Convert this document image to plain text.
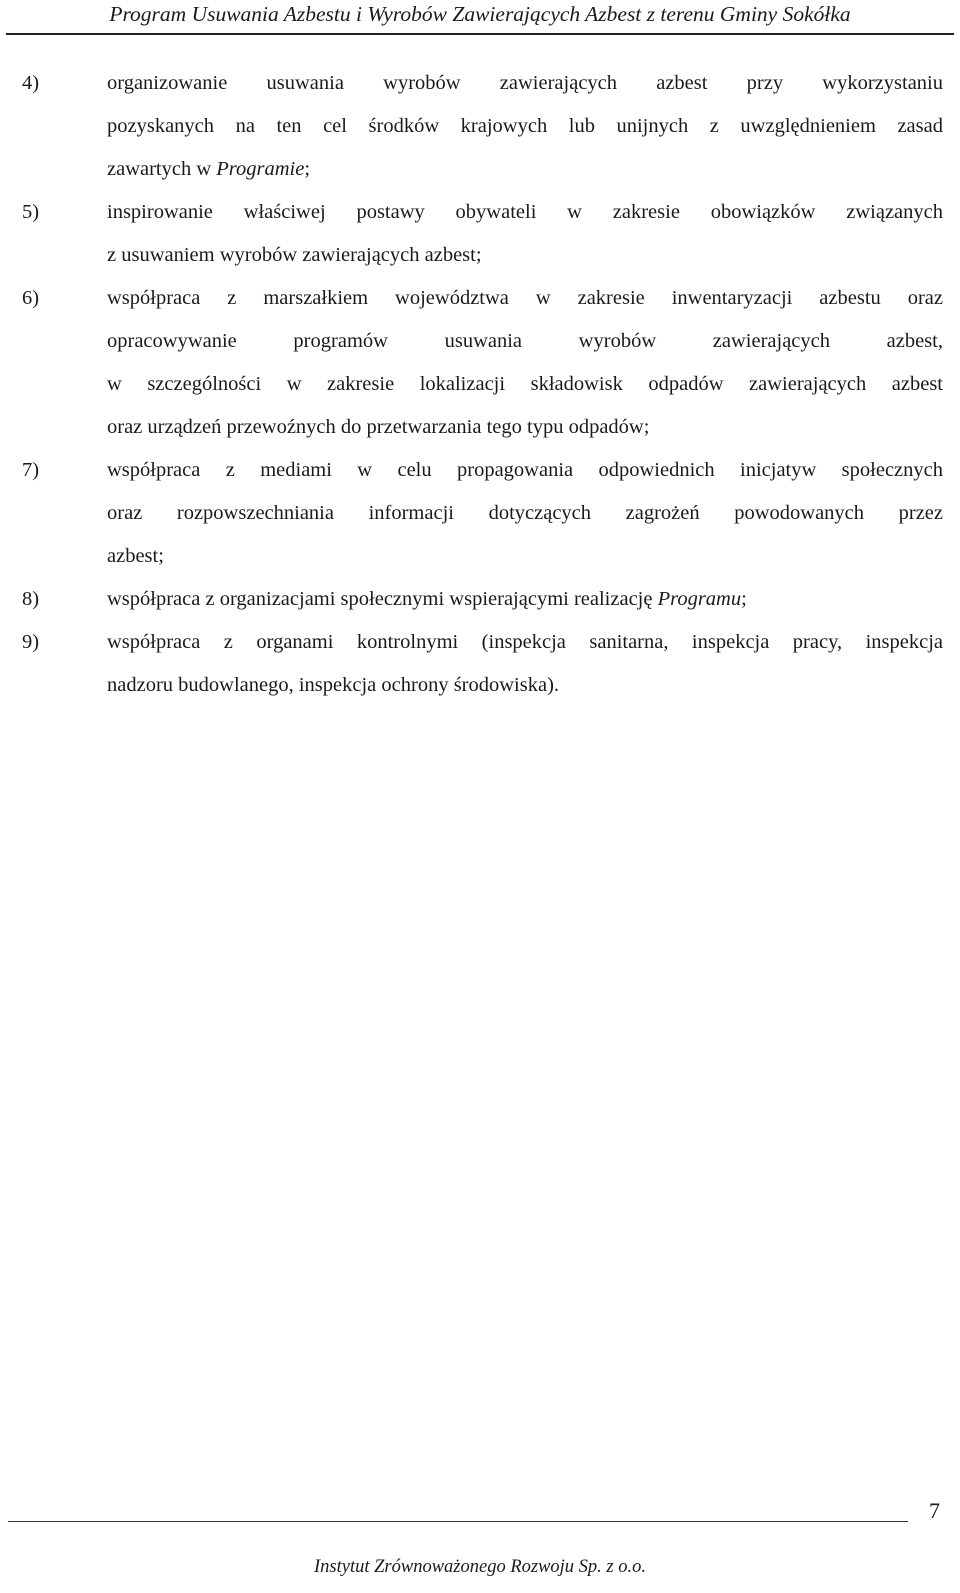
Program Usuwania Azbestu i Wyrobów Zawierających Azbest z terenu Gminy Sokółka
4)	organizowanie usuwania wyrobów zawierających azbest przy wykorzystaniu
pozyskanych na ten cel środków krajowych lub unijnych z uwzględnieniem zasad
zawartych w Programie;
5)	inspirowanie właściwej postawy obywateli w zakresie obowiązków związanych
z usuwaniem wyrobów zawierających azbest;
6)	współpraca z marszałkiem województwa w zakresie inwentaryzacji azbestu oraz
opracowywanie programów usuwania wyrobów zawierających azbest,
w szczególności w zakresie lokalizacji składowisk odpadów zawierających azbest
oraz urządzeń przewoźnych do przetwarzania tego typu odpadów;
7)	współpraca z mediami w celu propagowania odpowiednich inicjatyw społecznych
oraz rozpowszechniania informacji dotyczących zagrożeń powodowanych przez
azbest;
8)	współpraca z organizacjami społecznymi wspierającymi realizację Programu;
9)	współpraca z organami kontrolnymi (inspekcja sanitarna, inspekcja pracy, inspekcja
nadzoru budowlanego, inspekcja ochrony środowiska).
7
Instytut Zrównoważonego Rozwoju Sp. z o.o.
